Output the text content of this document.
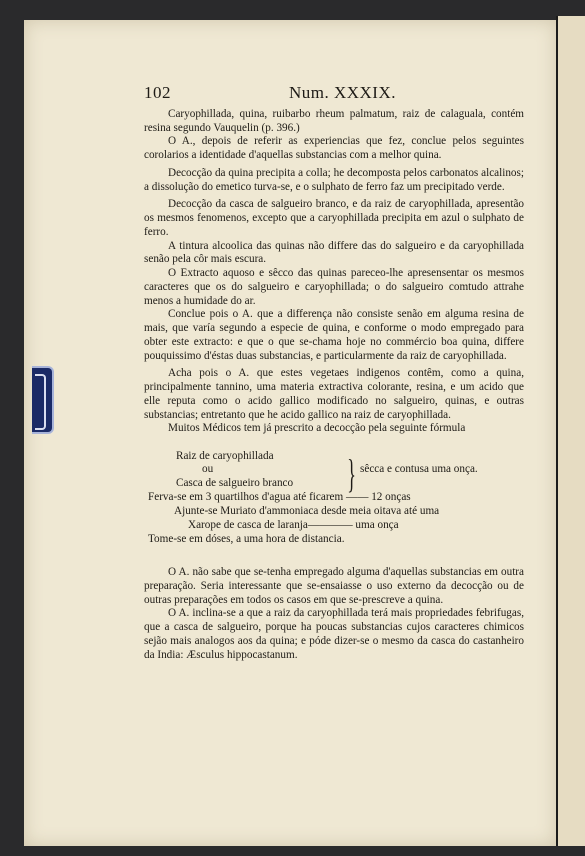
102	Num. XXXIX.

Caryophillada, quina, ruibarbo rheum palmatum, raiz de calaguala, contém resina segundo Vauquelin (p. 396.)

O A., depois de referir as experiencias que fez, conclue pelos seguintes corolarios a identidade d'aquellas substancias com a melhor quina.

Decocção da quina precipita a colla; he decomposta pelos carbonatos alcalinos; a dissolução do emetico turva-se, e o sulphato de ferro faz um precipitado verde.

Decocção da casca de salgueiro branco, e da raiz de caryophillada, apresentão os mesmos fenomenos, excepto que a caryophillada precipita em azul o sulphato de ferro.

A tintura alcoolica das quinas não differe das do salgueiro e da caryophillada senão pela côr mais escura.

O Extracto aquoso e sêcco das quinas pareceo-lhe apresensentar os mesmos caracteres que os do salgueiro e caryophillada; o do salgueiro comtudo attrahe menos a humidade do ar.

Conclue pois o A. que a differença não consiste senão em alguma resina de mais, que varía segundo a especie de quina, e conforme o modo empregado para obter este extracto: e que o que se-chama hoje no commércio boa quina, differe pouquissimo d'éstas duas substancias, e particularmente da raiz de caryophillada.

Acha pois o A. que estes vegetaes indigenos contêm, como a quina, principalmente tannino, uma materia extractiva colorante, resina, e um acido que elle reputa como o acido gallico modificado no salgueiro, quinas, e outras substancias; entretanto que he acido gallico na raiz de caryophillada.

Muitos Médicos tem já prescrito a decocção pela seguinte fórmula

Raiz de caryophillada
ou
Casca de salgueiro branco } sêcca e contusa uma onça.
Ferva-se em 3 quartilhos d'agua até ficarem —— 12 onças
Ajunte-se Muriato d'ammoniaca desde meia oitava até uma
Xarope de casca de laranja———— uma onça
Tome-se em dóses, a uma hora de distancia.

O A. não sabe que se-tenha empregado alguma d'aquellas substancias em outra preparação. Seria interessante que se-ensaiasse o uso externo da decocção ou de outras preparações em todos os casos em que se-prescreve a quina.

O A. inclina-se a que a raiz da caryophillada terá mais propriedades febrifugas, que a casca de salgueiro, porque ha poucas substancias cujos caracteres chimicos sejão mais analogos aos da quina; e póde dizer-se o mesmo da casca do castanheiro da India: Æsculus hippocastanum.
